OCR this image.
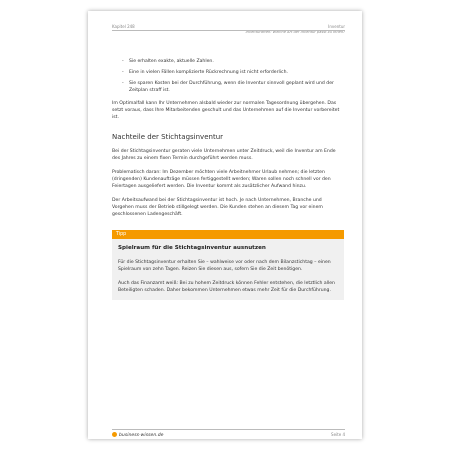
Kapitel 248	Inventur
Inventurarten: Welche Art der Inventur passt zu Ihnen?
- Sie erhalten exakte, aktuelle Zahlen.
- Eine in vielen Fällen komplizierte Rückrechnung ist nicht erforderlich.
- Sie sparen Kosten bei der Durchführung, wenn die Inventur sinnvoll geplant wird und der Zeitplan straff ist.

Im Optimalfall kann Ihr Unternehmen alsbald wieder zur normalen Tagesordnung übergehen. Das setzt voraus, dass Ihre Mitarbeitenden geschult und das Unternehmen auf die Inventur vorbereitet ist.

Nachteile der Stichtagsinventur

Bei der Stichtagsinventur geraten viele Unternehmen unter Zeitdruck, weil die Inventur am Ende des Jahres zu einem fixen Termin durchgeführt werden muss.

Problematisch daran: Im Dezember möchten viele Arbeitnehmer Urlaub nehmen; die letzten (dringenden) Kundenaufträge müssen fertiggestellt werden; Waren sollen noch schnell vor den Feiertagen ausgeliefert werden. Die Inventur kommt als zusätzlicher Aufwand hinzu.

Der Arbeitsaufwand bei der Stichtagsinventur ist hoch. Je nach Unternehmen, Branche und Vorgehen muss der Betrieb stillgelegt werden. Die Kunden stehen an diesem Tag vor einem geschlossenen Ladengeschäft.

Tipp
Spielraum für die Stichtagsinventur ausnutzen

Für die Stichtagsinventur erhalten Sie – wahlweise vor oder nach dem Bilanzstichtag – einen Spielraum von zehn Tagen. Reizen Sie diesen aus, sofern Sie die Zeit benötigen.

Auch das Finanzamt weiß: Bei zu hohem Zeitdruck können Fehler entstehen, die letztlich allen Beteiligten schaden. Daher bekommen Unternehmen etwas mehr Zeit für die Durchführung.

business-wissen.de	Seite 4
